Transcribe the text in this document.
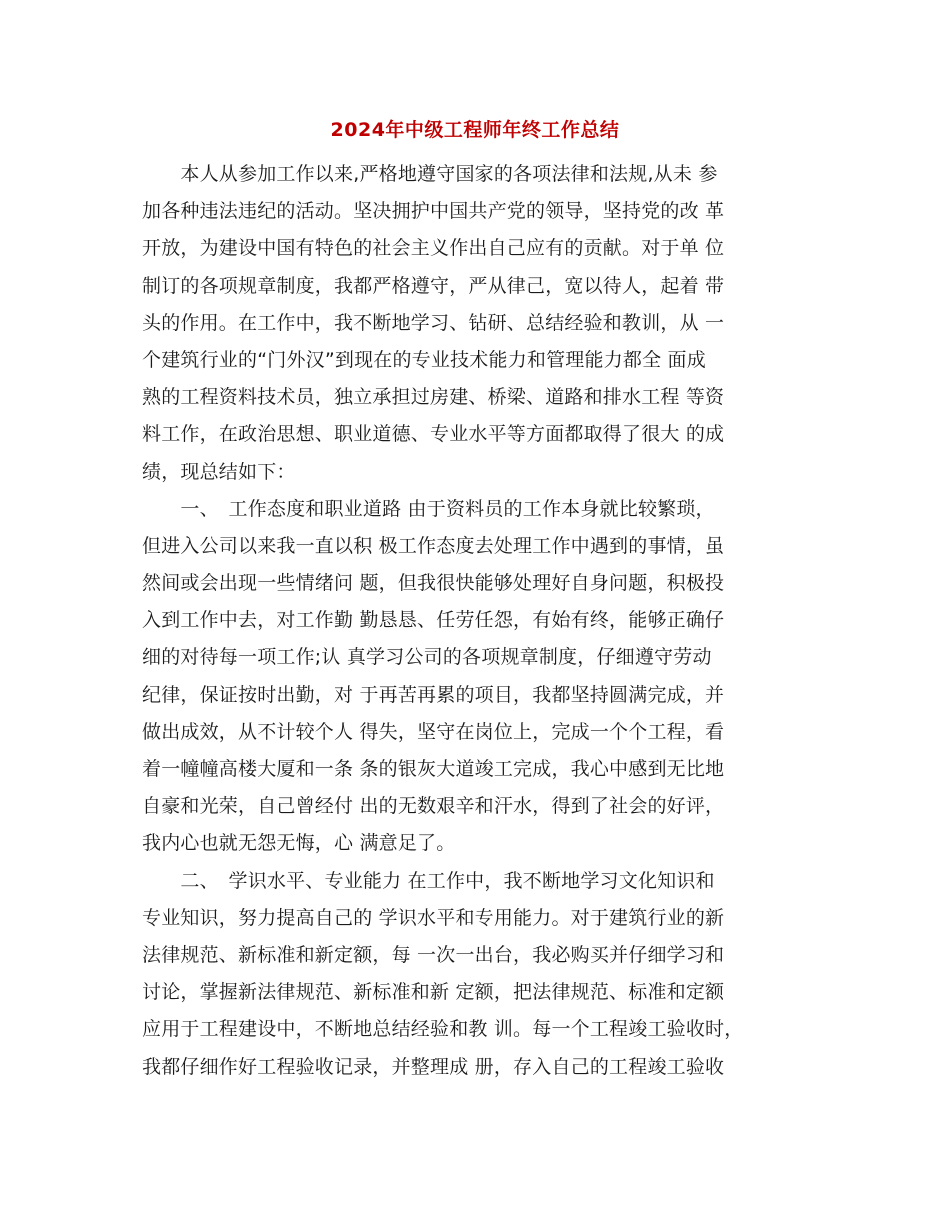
2024年中级工程师年终工作总结
　　本人从参加工作以来,严格地遵守国家的各项法律和法规,从未 参
加各种违法违纪的活动。坚决拥护中国共产党的领导，坚持党的改 革
开放，为建设中国有特色的社会主义作出自己应有的贡献。对于单 位
制订的各项规章制度，我都严格遵守，严从律己，宽以待人，起着 带
头的作用。在工作中，我不断地学习、钻研、总结经验和教训，从 一
个建筑行业的“门外汉”到现在的专业技术能力和管理能力都全 面成
熟的工程资料技术员，独立承担过房建、桥梁、道路和排水工程 等资
料工作，在政治思想、职业道德、专业水平等方面都取得了很大 的成
绩，现总结如下：
　　一、　工作态度和职业道路 由于资料员的工作本身就比较繁琐，
但进入公司以来我一直以积 极工作态度去处理工作中遇到的事情，虽
然间或会出现一些情绪问 题，但我很快能够处理好自身问题，积极投
入到工作中去，对工作勤 勤恳恳、任劳任怨，有始有终，能够正确仔
细的对待每一项工作;认 真学习公司的各项规章制度，仔细遵守劳动
纪律，保证按时出勤，对 于再苦再累的项目，我都坚持圆满完成，并
做出成效，从不计较个人 得失，坚守在岗位上，完成一个个工程，看
着一幢幢高楼大厦和一条 条的银灰大道竣工完成，我心中感到无比地
自豪和光荣，自己曾经付 出的无数艰辛和汗水，得到了社会的好评，
我内心也就无怨无悔，心 满意足了。
　　二、　学识水平、专业能力 在工作中，我不断地学习文化知识和
专业知识，努力提高自己的 学识水平和专用能力。对于建筑行业的新
法律规范、新标准和新定额，每 一次一出台，我必购买并仔细学习和
讨论，掌握新法律规范、新标准和新 定额，把法律规范、标准和定额
应用于工程建设中，不断地总结经验和教 训。每一个工程竣工验收时，
我都仔细作好工程验收记录，并整理成 册，存入自己的工程竣工验收
